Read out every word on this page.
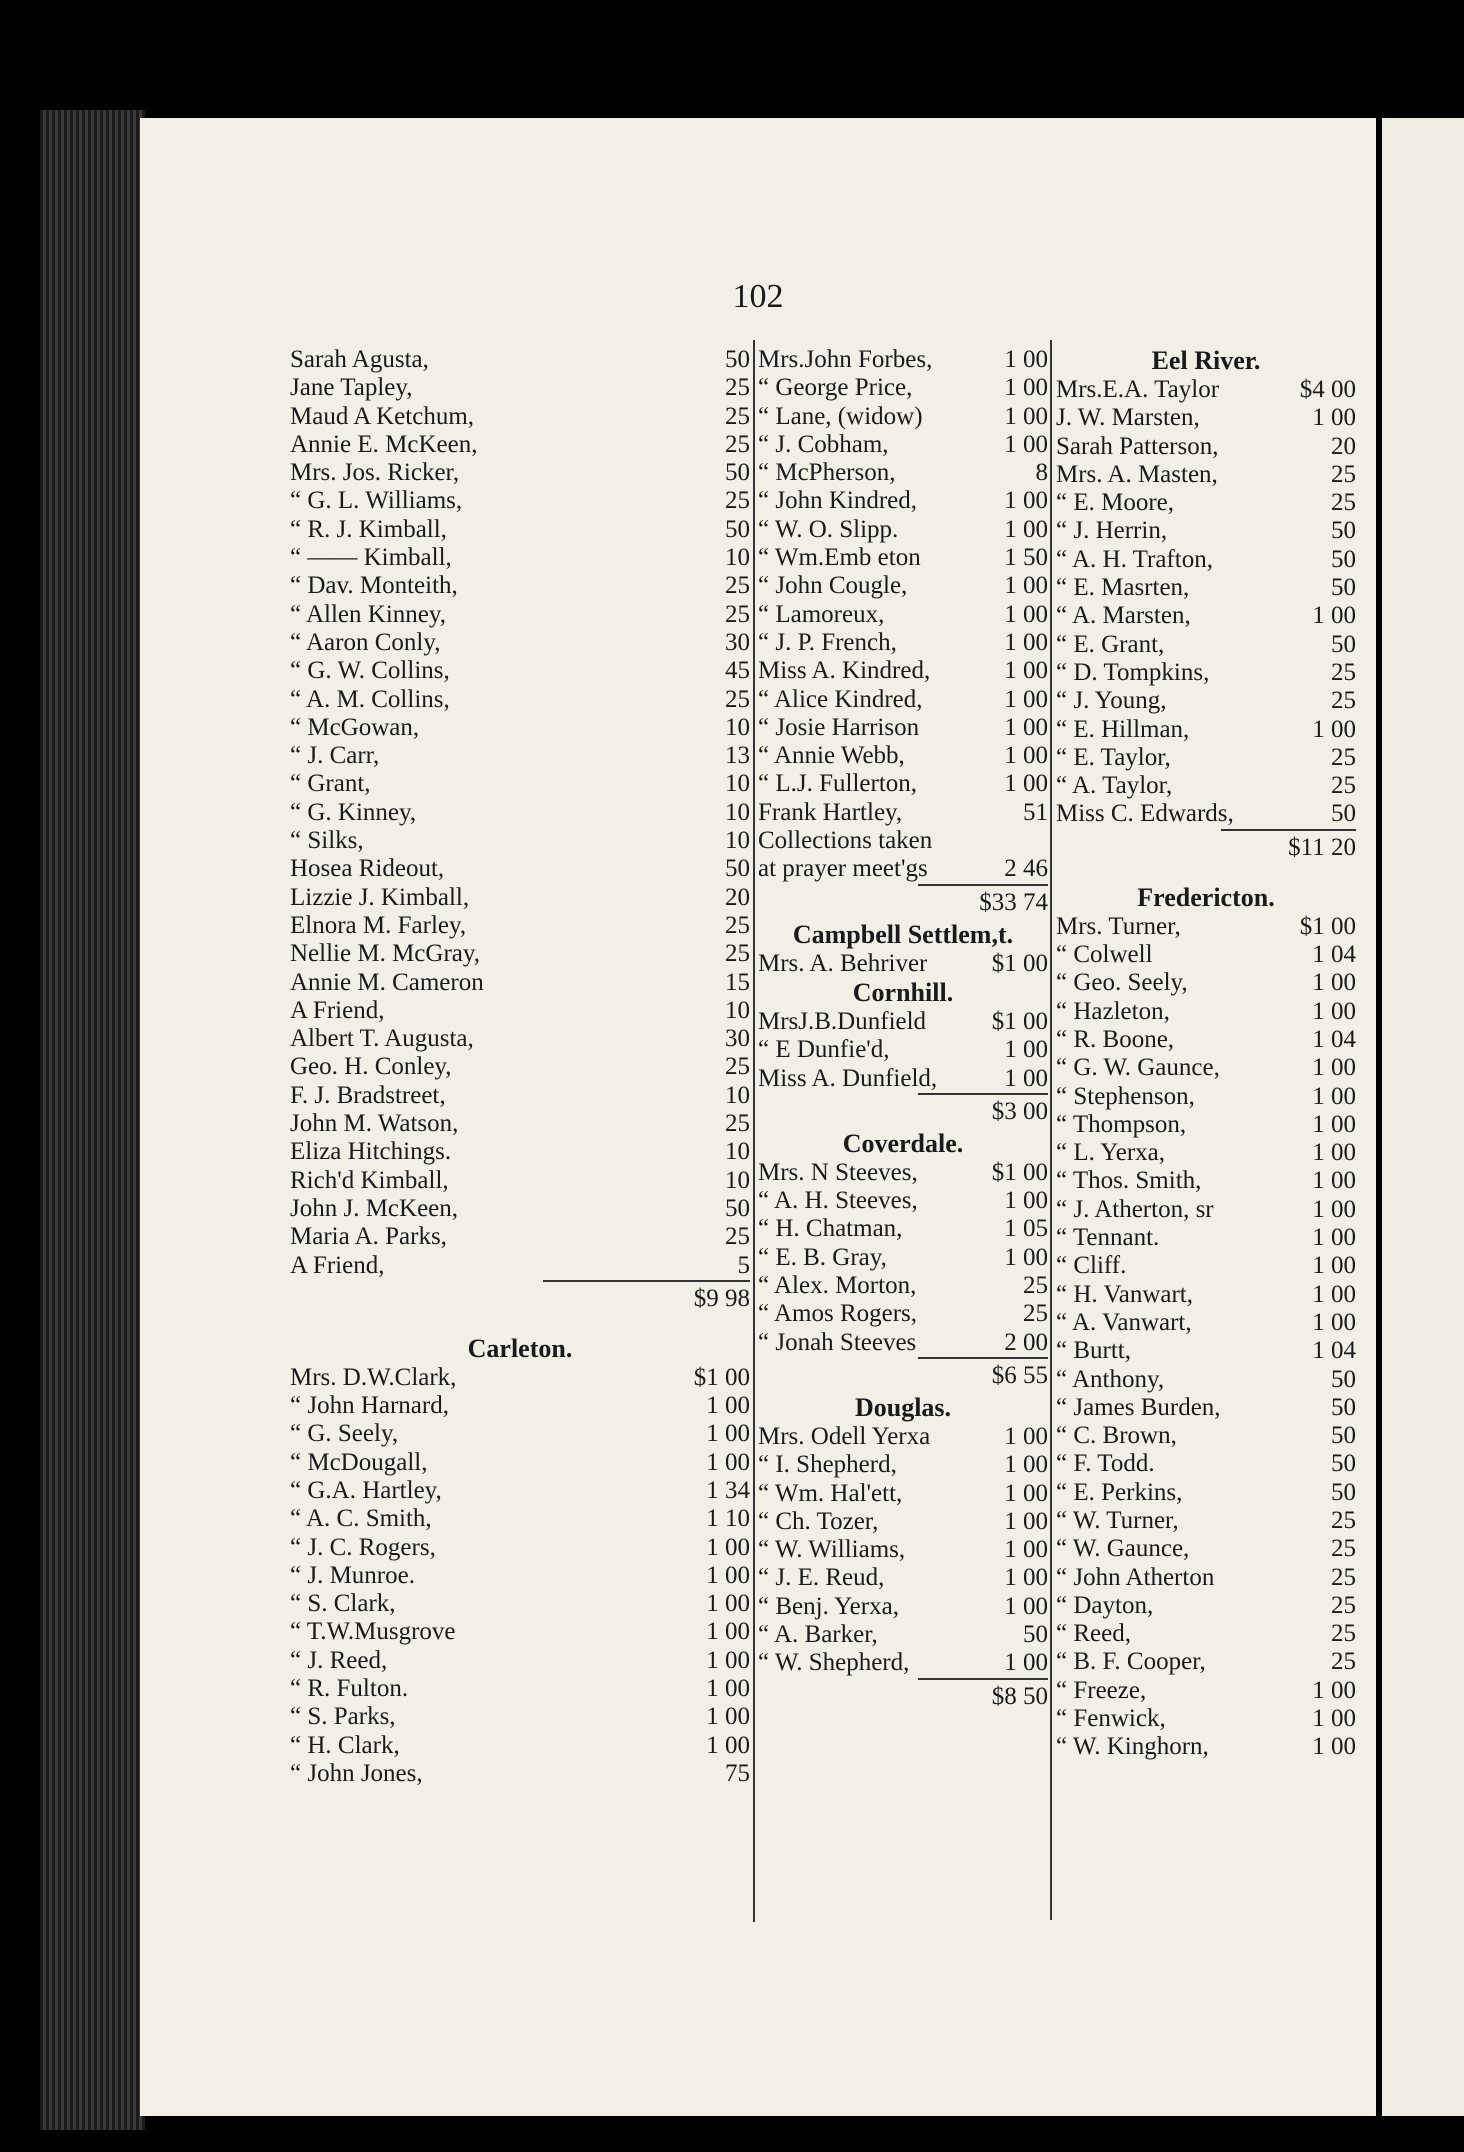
102
Sarah Agusta,	50
Jane Tapley,	25
Maud A Ketchum,	25
Annie E. McKeen,	25
Mrs. Jos. Ricker,	50
“ G. L. Williams,	25
“ R. J. Kimball,	50
“ —— Kimball,	10
“ Dav. Monteith,	25
“ Allen Kinney,	25
“ Aaron Conly,	30
“ G. W. Collins,	45
“ A. M. Collins,	25
“ McGowan,	10
“ J. Carr,	13
“ Grant,	10
“ G. Kinney,	10
“ Silks,	10
Hosea Rideout,	50
Lizzie J. Kimball,	20
Elnora M. Farley,	25
Nellie M. McGray,	25
Annie M. Cameron	15
A Friend,	10
Albert T. Augusta,	30
Geo. H. Conley,	25
F. J. Bradstreet,	10
John M. Watson,	25
Eliza Hitchings.	10
Rich'd Kimball,	10
John J. McKeen,	50
Maria A. Parks,	25
A Friend,	5
$9 98
Carleton.
Mrs. D.W.Clark,	$1 00
“ John Harnard,	1 00
“ G. Seely,	1 00
“ McDougall,	1 00
“ G.A. Hartley,	1 34
“ A. C. Smith,	1 10
“ J. C. Rogers,	1 00
“ J. Munroe.	1 00
“ S. Clark,	1 00
“ T.W.Musgrove	1 00
“ J. Reed,	1 00
“ R. Fulton.	1 00
“ S. Parks,	1 00
“ H. Clark,	1 00
“ John Jones,	75
Mrs.John Forbes,	1 00
“ George Price,	1 00
“ Lane, (widow)	1 00
“ J. Cobham,	1 00
“ McPherson,	8
“ John Kindred,	1 00
“ W. O. Slipp.	1 00
“ Wm.Emb eton	1 50
“ John Cougle,	1 00
“ Lamoreux,	1 00
“ J. P. French,	1 00
Miss A. Kindred,	1 00
“ Alice Kindred,	1 00
“ Josie Harrison	1 00
“ Annie Webb,	1 00
“ L.J. Fullerton,	1 00
Frank Hartley,	51
Collections taken
at prayer meet'gs	2 46
$33 74
Campbell Settlem,t.
Mrs. A. Behriver	$1 00
Cornhill.
MrsJ.B.Dunfield	$1 00
“ E Dunfie'd,	1 00
Miss A. Dunfield,	1 00
$3 00
Coverdale.
Mrs. N Steeves,	$1 00
“ A. H. Steeves,	1 00
“ H. Chatman,	1 05
“ E. B. Gray,	1 00
“ Alex. Morton,	25
“ Amos Rogers,	25
“ Jonah Steeves	2 00
$6 55
Douglas.
Mrs. Odell Yerxa	1 00
“ I. Shepherd,	1 00
“ Wm. Hal'ett,	1 00
“ Ch. Tozer,	1 00
“ W. Williams,	1 00
“ J. E. Reud,	1 00
“ Benj. Yerxa,	1 00
“ A. Barker,	50
“ W. Shepherd,	1 00
$8 50
Eel River.
Mrs.E.A. Taylor	$4 00
J. W. Marsten,	1 00
Sarah Patterson,	20
Mrs. A. Masten,	25
“ E. Moore,	25
“ J. Herrin,	50
“ A. H. Trafton,	50
“ E. Masrten,	50
“ A. Marsten,	1 00
“ E. Grant,	50
“ D. Tompkins,	25
“ J. Young,	25
“ E. Hillman,	1 00
“ E. Taylor,	25
“ A. Taylor,	25
Miss C. Edwards,	50
$11 20
Fredericton.
Mrs. Turner,	$1 00
“ Colwell	1 04
“ Geo. Seely,	1 00
“ Hazleton,	1 00
“ R. Boone,	1 04
“ G. W. Gaunce,	1 00
“ Stephenson,	1 00
“ Thompson,	1 00
“ L. Yerxa,	1 00
“ Thos. Smith,	1 00
“ J. Atherton, sr	1 00
“ Tennant.	1 00
“ Cliff.	1 00
“ H. Vanwart,	1 00
“ A. Vanwart,	1 00
“ Burtt,	1 04
“ Anthony,	50
“ James Burden,	50
“ C. Brown,	50
“ F. Todd.	50
“ E. Perkins,	50
“ W. Turner,	25
“ W. Gaunce,	25
“ John Atherton	25
“ Dayton,	25
“ Reed,	25
“ B. F. Cooper,	25
“ Freeze,	1 00
“ Fenwick,	1 00
“ W. Kinghorn,	1 00
